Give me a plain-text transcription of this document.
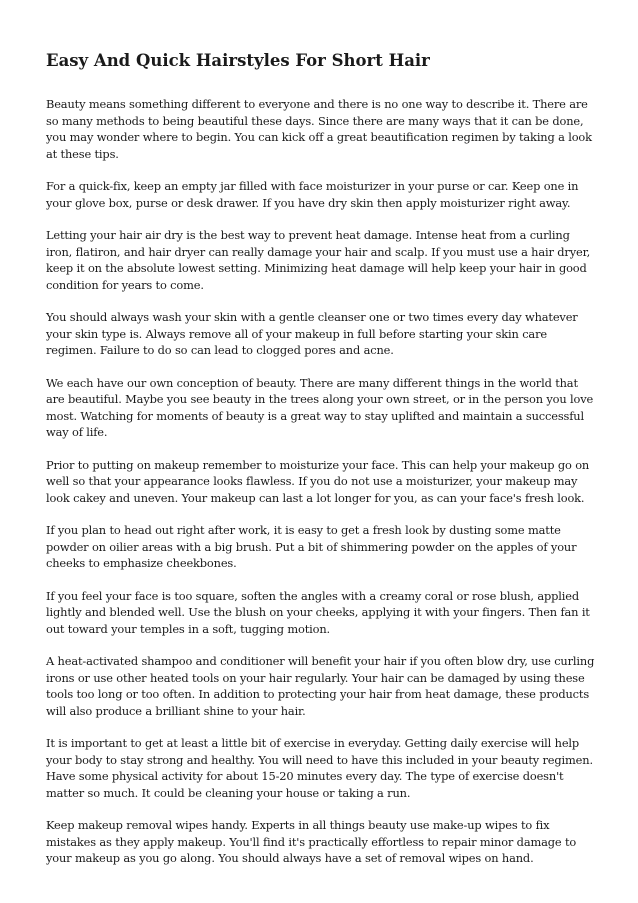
Easy And Quick Hairstyles For Short Hair

Beauty means something different to everyone and there is no one way to describe it. There are so many methods to being beautiful these days. Since there are many ways that it can be done, you may wonder where to begin. You can kick off a great beautification regimen by taking a look at these tips.

For a quick-fix, keep an empty jar filled with face moisturizer in your purse or car. Keep one in your glove box, purse or desk drawer. If you have dry skin then apply moisturizer right away.

Letting your hair air dry is the best way to prevent heat damage. Intense heat from a curling iron, flatiron, and hair dryer can really damage your hair and scalp. If you must use a hair dryer, keep it on the absolute lowest setting. Minimizing heat damage will help keep your hair in good condition for years to come.

You should always wash your skin with a gentle cleanser one or two times every day whatever your skin type is. Always remove all of your makeup in full before starting your skin care regimen. Failure to do so can lead to clogged pores and acne.

We each have our own conception of beauty. There are many different things in the world that are beautiful. Maybe you see beauty in the trees along your own street, or in the person you love most. Watching for moments of beauty is a great way to stay uplifted and maintain a successful way of life.

Prior to putting on makeup remember to moisturize your face. This can help your makeup go on well so that your appearance looks flawless. If you do not use a moisturizer, your makeup may look cakey and uneven. Your makeup can last a lot longer for you, as can your face's fresh look.

If you plan to head out right after work, it is easy to get a fresh look by dusting some matte powder on oilier areas with a big brush. Put a bit of shimmering powder on the apples of your cheeks to emphasize cheekbones.

If you feel your face is too square, soften the angles with a creamy coral or rose blush, applied lightly and blended well. Use the blush on your cheeks, applying it with your fingers. Then fan it out toward your temples in a soft, tugging motion.

A heat-activated shampoo and conditioner will benefit your hair if you often blow dry, use curling irons or use other heated tools on your hair regularly. Your hair can be damaged by using these tools too long or too often. In addition to protecting your hair from heat damage, these products will also produce a brilliant shine to your hair.

It is important to get at least a little bit of exercise in everyday. Getting daily exercise will help your body to stay strong and healthy. You will need to have this included in your beauty regimen. Have some physical activity for about 15-20 minutes every day. The type of exercise doesn't matter so much. It could be cleaning your house or taking a run.

Keep makeup removal wipes handy. Experts in all things beauty use make-up wipes to fix mistakes as they apply makeup. You'll find it's practically effortless to repair minor damage to your makeup as you go along. You should always have a set of removal wipes on hand.
